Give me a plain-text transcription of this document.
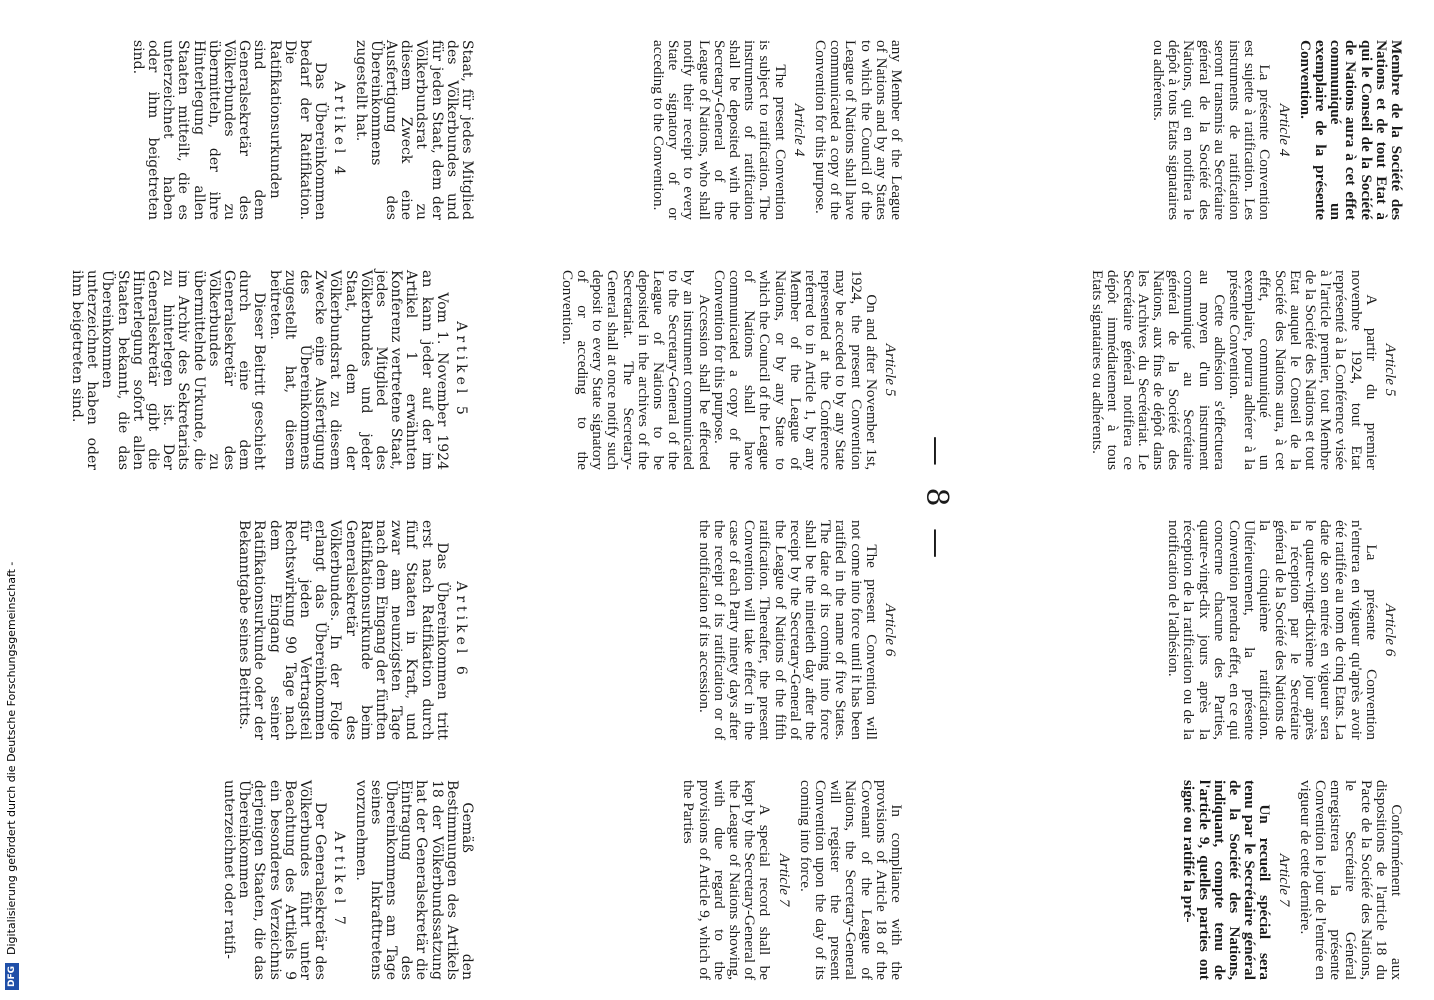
Membre de la Société des Nations et de tout Etat à qui le Conseil de la Société de Nations aura à cet effet communiqué un exemplaire de la présente Convention.

Article 4

La présente Convention est sujette à ratification. Les instruments de ratification seront transmis au Secrétaire général de la Société des Nations, qui en notifiera le dépôt à tous Etats signataires ou adhérents.

Article 5

A partir du premier novembre 1924, tout Etat représenté à la Conférence visée à l'article premier, tout Membre de la Société des Nations et tout Etat auquel le Conseil de la Société des Nations aura, à cet effet, communiqué un exemplaire, pourra adhérer à la présente Convention.

Cette adhésion s'effectuera au moyen d'un instrument communiqué au Secrétaire général de la Société des Nations, aux fins de dépôt dans les Archives du Secrétariat. Le Secrétaire général notifiera ce dépôt immédiatement à tous Etats signataires ou adhérents.

Article 6

La présente Convention n'entrera en vigueur qu'après avoir été ratifiée au nom de cinq Etats. La date de son entrée en vigueur sera le quatre-vingt-dixième jour après la réception par le Secrétaire général de la Société des Nations de la cinquième ratification. Ultérieurement, la présente Convention prendra effet, en ce qui concerne chacune des Parties, quatre-vingt-dix jours après la réception de la ratification ou de la notification de l'adhésion.

Conformément aux dispositions de l'article 18 du Pacte de la Société des Nations, le Secrétaire Général enregistrera la présente Convention le jour de l'entrée en vigueur de cette dernière.

Article 7

Un recueil spécial sera tenu par le Secrétaire général de la Société des Nations, indiquant, compte tenu de l'article 9, quelles parties ont signé ou ratifié la pré-

— 8 —

any Member of the League of Nations and by any States to which the Council of the League of Nations shall have communicated a copy of the Convention for this purpose.

Article 4

The present Convention is subject to ratification. The instruments of ratification shall be deposited with the Secretary-General of the League of Nations, who shall notify their receipt to every State signatory of or acceding to the Convention.

Article 5

On and after November 1st, 1924, the present Convention may be acceded to by any State represented at the Conference referred to in Article 1, by any Member of the League of Nations, or by any State to which the Council of the League of Nations shall have communicated a copy of the Convention for this purpose.

Accession shall be effected by an instrument communicated to the Secretary-General of the League of Nations to be deposited in the archives of the Secretariat. The Secretary-General shall at once notify such deposit to every State signatory of or acceding to the Convention.

Article 6

The present Convention will not come into force until it has been ratified in the name of five States. The date of its coming into force shall be the ninetieth day after the receipt by the Secretary-General of the League of Nations of the fifth ratification. Thereafter, the present Convention will take effect in the case of each Party ninety days after the receipt of its ratification or of the notification of its accession.

In compliance with the provisions of Article 18 of the Covenant of the League of Nations, the Secretary-General will register the present Convention upon the day of its coming into force.

Article 7

A special record shall be kept by the Secretary-General of the League of Nations showing, with due regard to the provisions of Article 9, which of the Parties

Staat, für jedes Mitglied des Völkerbundes und für jeden Staat, dem der Völkerbundsrat zu diesem Zweck eine Ausfertigung des Übereinkommens zugestellt hat.

Artikel 4

Das Übereinkommen bedarf der Ratifikation. Die Ratifikationsurkunden sind dem Generalsekretär des Völkerbundes zu übermitteln, der ihre Hinterlegung allen Staaten mitteilt, die es unterzeichnet haben oder ihm beigetreten sind.

Artikel 5

Vom 1. November 1924 an kann jeder auf der im Artikel 1 erwähnten Konferenz vertretene Staat, jedes Mitglied des Völkerbundes und jeder Staat, dem der Völkerbundsrat zu diesem Zwecke eine Ausfertigung des Übereinkommens zugestellt hat, diesem beitreten.

Dieser Beitritt geschieht durch eine dem Generalsekretär des Völkerbundes zu übermittelnde Urkunde, die im Archiv des Sekretariats zu hinterlegen ist. Der Generalsekretär gibt die Hinterlegung sofort allen Staaten bekannt, die das Übereinkommen unterzeichnet haben oder ihm beigetreten sind.

Artikel 6

Das Übereinkommen tritt erst nach Ratifikation durch fünf Staaten in Kraft, und zwar am neunzigsten Tage nach dem Eingang der fünften Ratifikationsurkunde beim Generalsekretär des Völkerbundes. In der Folge erlangt das Übereinkommen für jeden Vertragsteil Rechtswirkung 90 Tage nach dem Eingang seiner Ratifikationsurkunde oder der Bekanntgabe seines Beitritts.

Gemäß den Bestimmungen des Artikels 18 der Völkerbundssatzung hat der Generalsekretär die Eintragung des Übereinkommens am Tage seines Inkrafttretens vorzunehmen.

Artikel 7

Der Generalsekretär des Völkerbundes führt unter Beachtung des Artikels 9 ein besonderes Verzeichnis derjenigen Staaten, die das Übereinkommen unterzeichnet oder ratifi-

DFGDigitalisierung gefördert durch die Deutsche Forschungsgemeinschaft -
